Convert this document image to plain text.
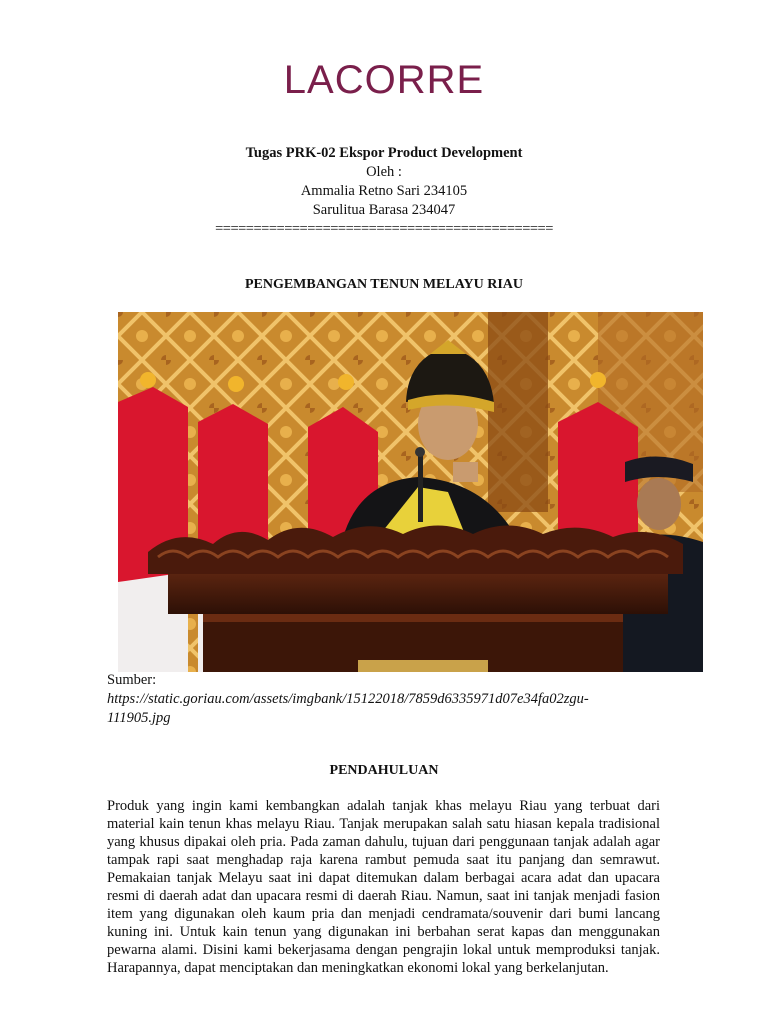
LACORRE
Tugas PRK-02 Ekspor Product Development
Oleh :
Ammalia Retno Sari 234105
Sarulitua Barasa 234047
============================================
PENGEMBANGAN TENUN MELAYU RIAU
Sumber:
https://static.goriau.com/assets/imgbank/15122018/7859d6335971d07e34fa02zgu-
111905.jpg
PENDAHULUAN
Produk yang ingin kami kembangkan adalah tanjak khas melayu Riau yang terbuat dari material kain tenun khas melayu Riau. Tanjak merupakan salah satu hiasan kepala tradisional yang khusus dipakai oleh pria. Pada zaman dahulu, tujuan dari penggunaan tanjak adalah agar tampak rapi saat menghadap raja karena rambut pemuda saat itu panjang dan semrawut. Pemakaian tanjak Melayu saat ini dapat ditemukan dalam berbagai acara adat dan upacara resmi di daerah adat dan upacara resmi di daerah Riau. Namun, saat ini tanjak menjadi fasion item yang digunakan oleh kaum pria dan menjadi cendramata/souvenir dari bumi lancang kuning ini. Untuk kain tenun yang digunakan ini berbahan serat kapas dan menggunakan pewarna alami. Disini kami bekerjasama dengan pengrajin lokal untuk memproduksi tanjak. Harapannya, dapat menciptakan dan meningkatkan ekonomi lokal yang berkelanjutan.
